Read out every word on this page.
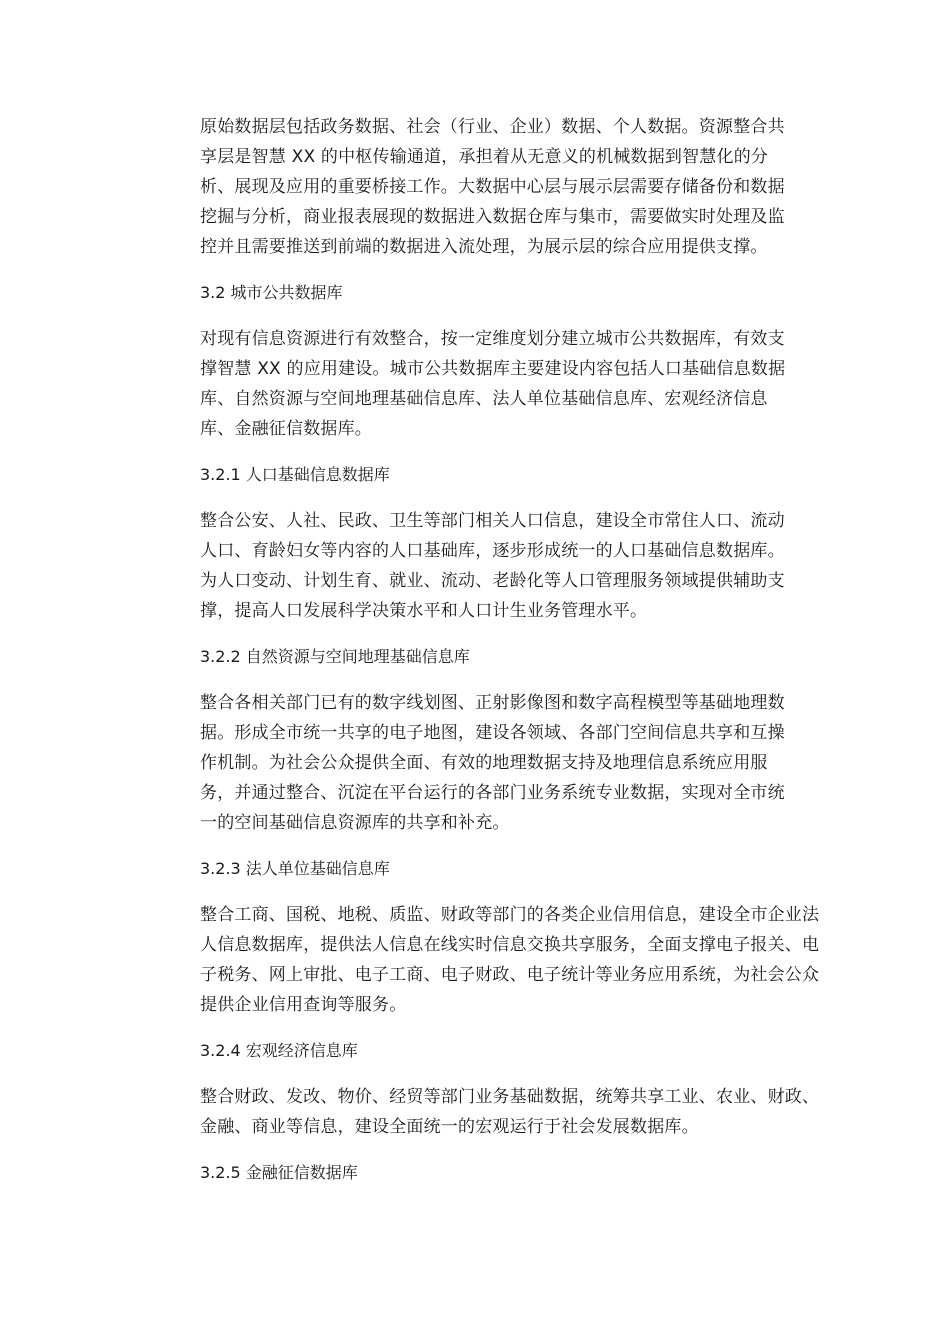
原始数据层包括政务数据、社会（行业、企业）数据、个人数据。资源整合共
享层是智慧 XX 的中枢传输通道，承担着从无意义的机械数据到智慧化的分
析、展现及应用的重要桥接工作。大数据中心层与展示层需要存储备份和数据
挖掘与分析，商业报表展现的数据进入数据仓库与集市，需要做实时处理及监
控并且需要推送到前端的数据进入流处理，为展示层的综合应用提供支撑。

3.2 城市公共数据库

对现有信息资源进行有效整合，按一定维度划分建立城市公共数据库，有效支
撑智慧 XX 的应用建设。城市公共数据库主要建设内容包括人口基础信息数据
库、自然资源与空间地理基础信息库、法人单位基础信息库、宏观经济信息
库、金融征信数据库。

3.2.1 人口基础信息数据库

整合公安、人社、民政、卫生等部门相关人口信息，建设全市常住人口、流动
人口、育龄妇女等内容的人口基础库，逐步形成统一的人口基础信息数据库。
为人口变动、计划生育、就业、流动、老龄化等人口管理服务领域提供辅助支
撑，提高人口发展科学决策水平和人口计生业务管理水平。

3.2.2 自然资源与空间地理基础信息库

整合各相关部门已有的数字线划图、正射影像图和数字高程模型等基础地理数
据。形成全市统一共享的电子地图，建设各领域、各部门空间信息共享和互操
作机制。为社会公众提供全面、有效的地理数据支持及地理信息系统应用服
务，并通过整合、沉淀在平台运行的各部门业务系统专业数据，实现对全市统
一的空间基础信息资源库的共享和补充。

3.2.3 法人单位基础信息库

整合工商、国税、地税、质监、财政等部门的各类企业信用信息，建设全市企业法
人信息数据库，提供法人信息在线实时信息交换共享服务，全面支撑电子报关、电
子税务、网上审批、电子工商、电子财政、电子统计等业务应用系统，为社会公众
提供企业信用查询等服务。

3.2.4 宏观经济信息库

整合财政、发改、物价、经贸等部门业务基础数据，统筹共享工业、农业、财政、
金融、商业等信息，建设全面统一的宏观运行于社会发展数据库。

3.2.5 金融征信数据库
